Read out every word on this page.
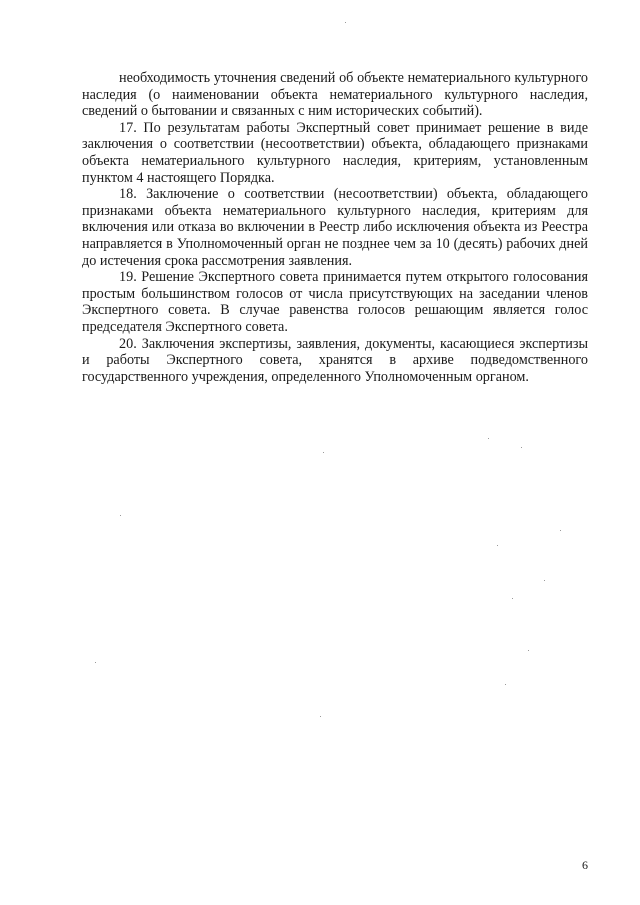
необходимость уточнения сведений об объекте нематериального культурного наследия (о наименовании объекта нематериального культурного наследия, сведений о бытовании и связанных с ним исторических событий).

17. По результатам работы Экспертный совет принимает решение в виде заключения о соответствии (несоответствии) объекта, обладающего признаками объекта нематериального культурного наследия, критериям, установленным пунктом 4 настоящего Порядка.

18. Заключение о соответствии (несоответствии) объекта, обладающего признаками объекта нематериального культурного наследия, критериям для включения или отказа во включении в Реестр либо исключения объекта из Реестра направляется в Уполномоченный орган не позднее чем за 10 (десять) рабочих дней до истечения срока рассмотрения заявления.

19. Решение Экспертного совета принимается путем открытого голосования простым большинством голосов от числа присутствующих на заседании членов Экспертного совета. В случае равенства голосов решающим является голос председателя Экспертного совета.

20. Заключения экспертизы, заявления, документы, касающиеся экспертизы и работы Экспертного совета, хранятся в архиве подведомственного государственного учреждения, определенного Уполномоченным органом.

6
